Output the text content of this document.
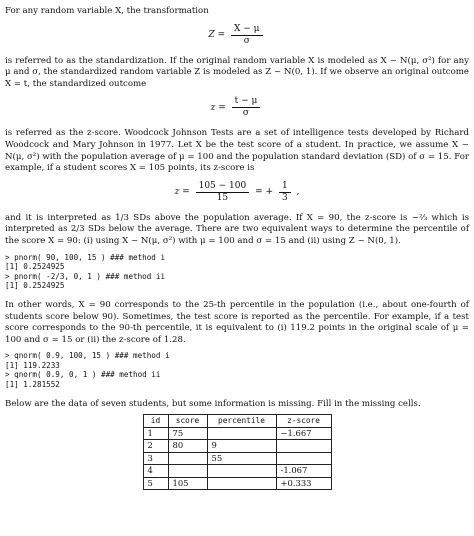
For any random variable X, the transformation

$Z = \frac{X - \mu}{\sigma}$

is referred to as the standardization. If the original random variable X is modeled as X ~ N(μ, σ²) for any μ and σ, the standardized random variable Z is modeled as Z ~ N(0, 1). If we observe an original outcome X = t, the standardized outcome

$z = \frac{t - \mu}{\sigma}$

is referred as the z-score. Woodcock Johnson Tests are a set of intelligence tests developed by Richard Woodcock and Mary Johnson in 1977. Let X be the test score of a student. In practice, we assume X ~ N(μ, σ²) with the population average of μ = 100 and the population standard deviation (SD) of σ = 15. For example, if a student scores X = 105 points, its z-score is

$z = \frac{105 - 100}{15}$ = + $\frac{1}{3}$ ,

and it is interpreted as 1/3 SDs above the population average. If X = 90, the z-score is −⅔ which is interpreted as 2/3 SDs below the average. There are two equivalent ways to determine the percentile of the score X = 90: (i) using X ~ N(μ, σ²) with μ = 100 and σ = 15 and (ii) using Z ~ N(0, 1).

> pnorm( 90, 100, 15 ) ### method i
[1] 0.2524925
> pnorm( -2/3, 0, 1 ) ### method ii
[1] 0.2524925

In other words, X = 90 corresponds to the 25-th percentile in the population (i.e., about one-fourth of students score below 90). Sometimes, the test score is reported as the percentile. For example, if a test score corresponds to the 90-th percentile, it is equivalent to (i) 119.2 points in the original scale of μ = 100 and σ = 15 or (ii) the z-score of 1.28.

> qnorm( 0.9, 100, 15 ) ### method i
[1] 119.2233
> qnorm( 0.9, 0, 1 ) ### method ii
[1] 1.281552

Below are the data of seven students, but some information is missing. Fill in the missing cells.

id	score	percentile	z-score
1	75		−1.667
2	80	9	
3		55	
4			-1.067
5	105		+0.333
